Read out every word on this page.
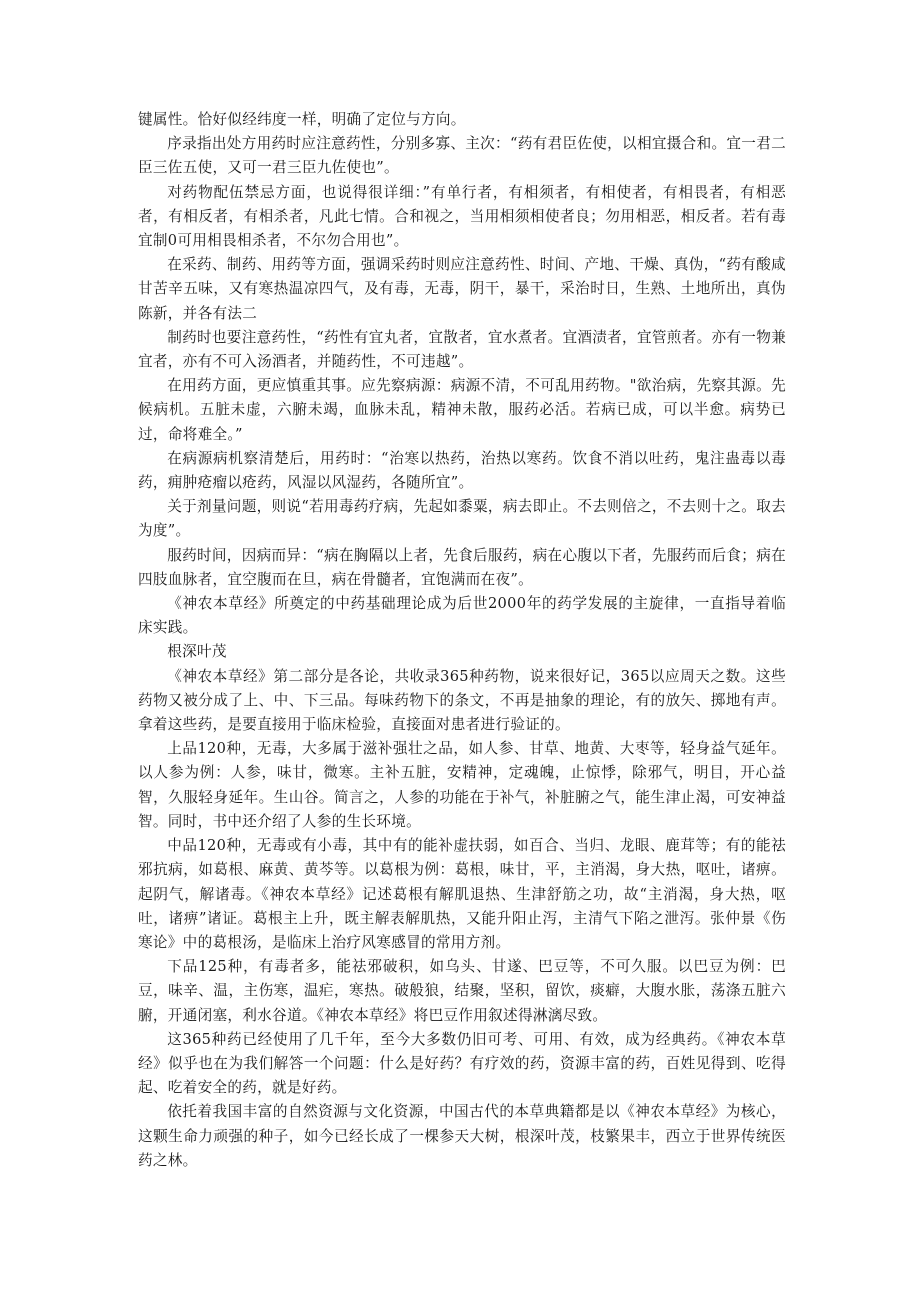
键属性。恰好似经纬度一样，明确了定位与方向。

序录指出处方用药时应注意药性，分别多寡、主次：“药有君臣佐使，以相宜摄合和。宜一君二臣三佐五使，又可一君三臣九佐使也”。

对药物配伍禁忌方面，也说得很详细：”有单行者，有相须者，有相使者，有相畏者，有相恶者，有相反者，有相杀者，凡此七情。合和视之，当用相须相使者良；勿用相恶，相反者。若有毒宜制0可用相畏相杀者，不尔勿合用也”。

在采药、制药、用药等方面，强调采药时则应注意药性、时间、产地、干燥、真伪，“药有酸咸甘苦辛五味，又有寒热温凉四气，及有毒，无毒，阴干，暴干，采治时日，生熟、土地所出，真伪陈新，并各有法二

制药时也要注意药性，“药性有宜丸者，宜散者，宜水煮者。宜酒渍者，宜管煎者。亦有一物兼宜者，亦有不可入汤酒者，并随药性，不可违越”。

在用药方面，更应慎重其事。应先察病源：病源不清，不可乱用药物。"欲治病，先察其源。先候病机。五脏未虚，六腑未竭，血脉未乱，精神未散，服药必活。若病已成，可以半愈。病势已过，命将难全。”

在病源病机察清楚后，用药时：“治寒以热药，治热以寒药。饮食不消以吐药，鬼注蛊毒以毒药，痈肿疮瘤以疮药，风湿以风湿药，各随所宜”。

关于剂量问题，则说“若用毒药疗病，先起如黍粟，病去即止。不去则倍之，不去则十之。取去为度”。

服药时间，因病而异：“病在胸隔以上者，先食后服药，病在心腹以下者，先服药而后食；病在四肢血脉者，宜空腹而在旦，病在骨髓者，宜饱满而在夜”。

《神农本草经》所奠定的中药基础理论成为后世2000年的药学发展的主旋律，一直指导着临床实践。

根深叶茂

《神农本草经》第二部分是各论，共收录365种药物，说来很好记，365以应周天之数。这些药物又被分成了上、中、下三品。每味药物下的条文，不再是抽象的理论，有的放矢、掷地有声。拿着这些药，是要直接用于临床检验，直接面对患者进行验证的。

上品120种，无毒，大多属于滋补强壮之品，如人参、甘草、地黄、大枣等，轻身益气延年。以人参为例：人参，味甘，微寒。主补五脏，安精神，定魂魄，止惊悸，除邪气，明目，开心益智，久服轻身延年。生山谷。简言之，人参的功能在于补气，补脏腑之气，能生津止渴，可安神益智。同时，书中还介绍了人参的生长环境。

中品120种，无毒或有小毒，其中有的能补虚扶弱，如百合、当归、龙眼、鹿茸等；有的能祛邪抗病，如葛根、麻黄、黄芩等。以葛根为例：葛根，味甘，平，主消渴，身大热，呕吐，诸痹。起阴气，解诸毒。《神农本草经》记述葛根有解肌退热、生津舒筋之功，故“主消渴，身大热，呕吐，诸痹”诸证。葛根主上升，既主解表解肌热，又能升阳止泻，主清气下陷之泄泻。张仲景《伤寒论》中的葛根汤，是临床上治疗风寒感冒的常用方剂。

下品125种，有毒者多，能祛邪破积，如乌头、甘遂、巴豆等，不可久服。以巴豆为例：巴豆，味辛、温，主伤寒，温疟，寒热。破般狼，结聚，坚积，留饮，痰癖，大腹水胀，荡涤五脏六腑，开通闭塞，利水谷道。《神农本草经》将巴豆作用叙述得淋漓尽致。

这365种药已经使用了几千年，至今大多数仍旧可考、可用、有效，成为经典药。《神农本草经》似乎也在为我们解答一个问题：什么是好药？有疗效的药，资源丰富的药，百姓见得到、吃得起、吃着安全的药，就是好药。

依托着我国丰富的自然资源与文化资源，中国古代的本草典籍都是以《神农本草经》为核心，这颗生命力顽强的种子，如今已经长成了一棵参天大树，根深叶茂，枝繁果丰，西立于世界传统医药之林。
